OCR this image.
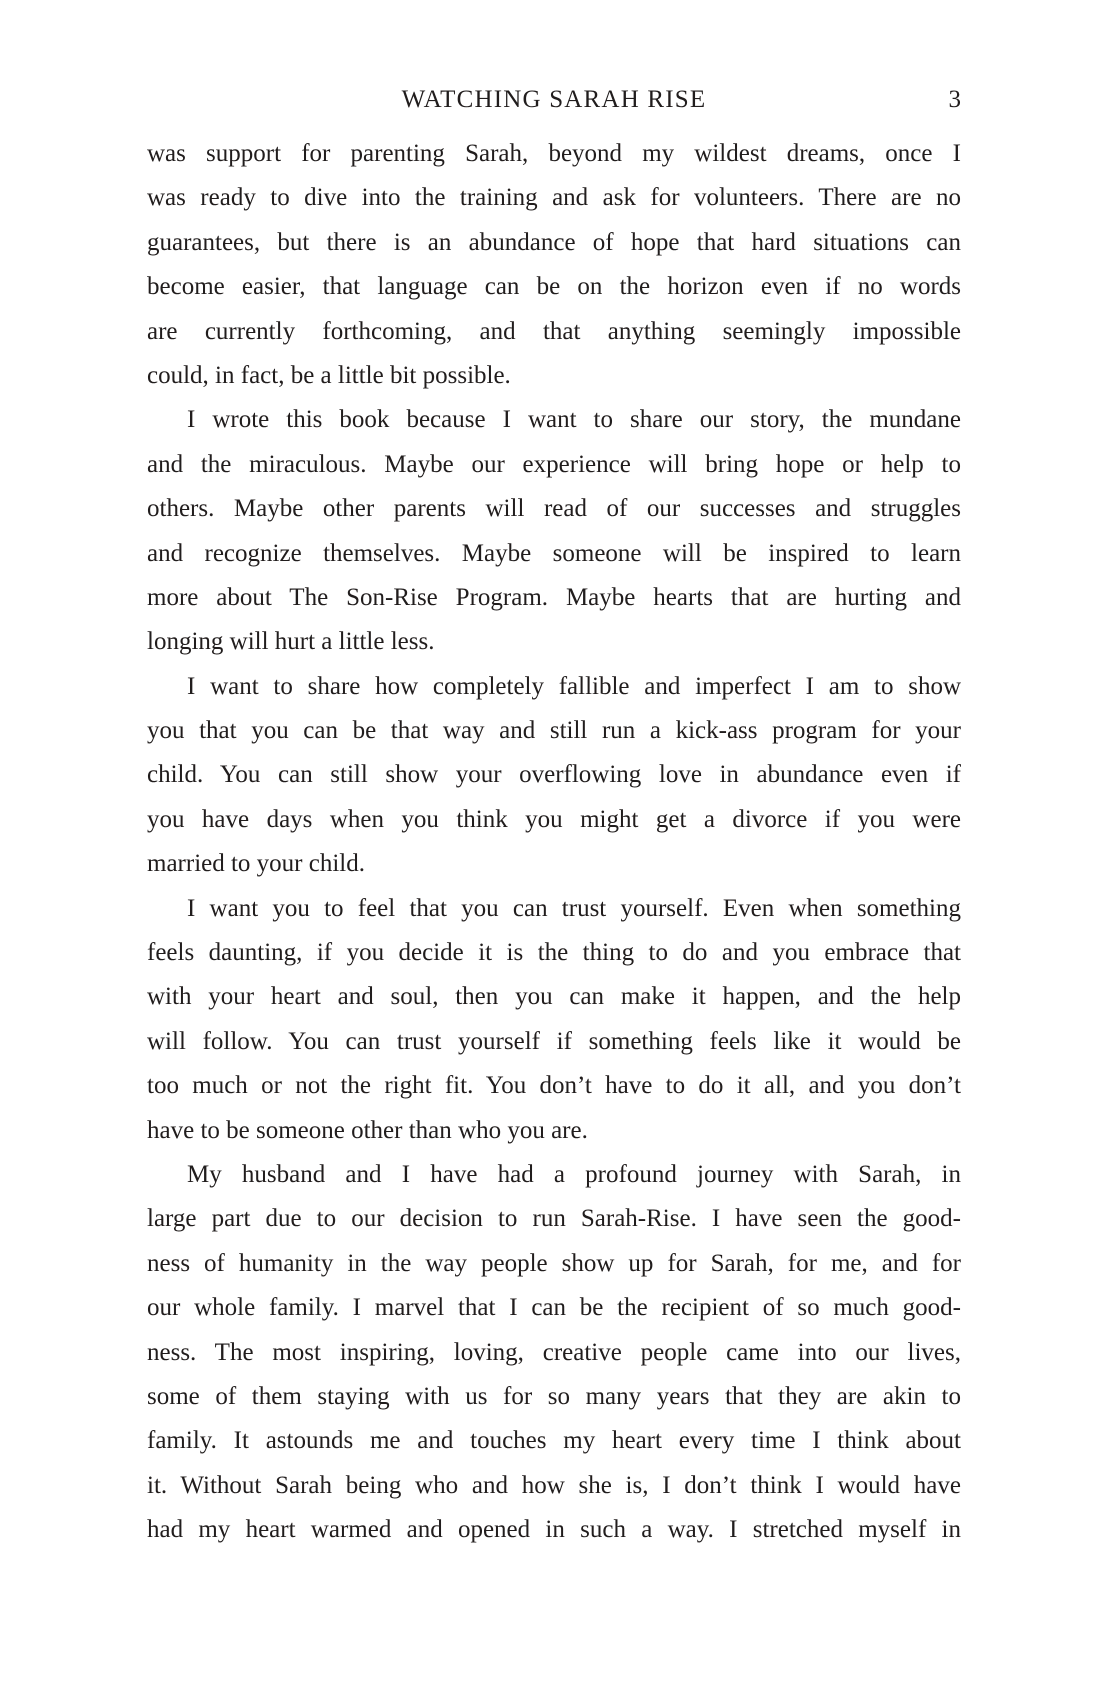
WATCHING SARAH RISE	3
was support for parenting Sarah, beyond my wildest dreams, once I
was ready to dive into the training and ask for volunteers. There are no
guarantees, but there is an abundance of hope that hard situations can
become easier, that language can be on the horizon even if no words
are currently forthcoming, and that anything seemingly impossible
could, in fact, be a little bit possible.
I wrote this book because I want to share our story, the mundane
and the miraculous. Maybe our experience will bring hope or help to
others. Maybe other parents will read of our successes and struggles
and recognize themselves. Maybe someone will be inspired to learn
more about The Son-Rise Program. Maybe hearts that are hurting and
longing will hurt a little less.
I want to share how completely fallible and imperfect I am to show
you that you can be that way and still run a kick-ass program for your
child. You can still show your overflowing love in abundance even if
you have days when you think you might get a divorce if you were
married to your child.
I want you to feel that you can trust yourself. Even when something
feels daunting, if you decide it is the thing to do and you embrace that
with your heart and soul, then you can make it happen, and the help
will follow. You can trust yourself if something feels like it would be
too much or not the right fit. You don’t have to do it all, and you don’t
have to be someone other than who you are.
My husband and I have had a profound journey with Sarah, in
large part due to our decision to run Sarah-Rise. I have seen the good-
ness of humanity in the way people show up for Sarah, for me, and for
our whole family. I marvel that I can be the recipient of so much good-
ness. The most inspiring, loving, creative people came into our lives,
some of them staying with us for so many years that they are akin to
family. It astounds me and touches my heart every time I think about
it. Without Sarah being who and how she is, I don’t think I would have
had my heart warmed and opened in such a way. I stretched myself in
